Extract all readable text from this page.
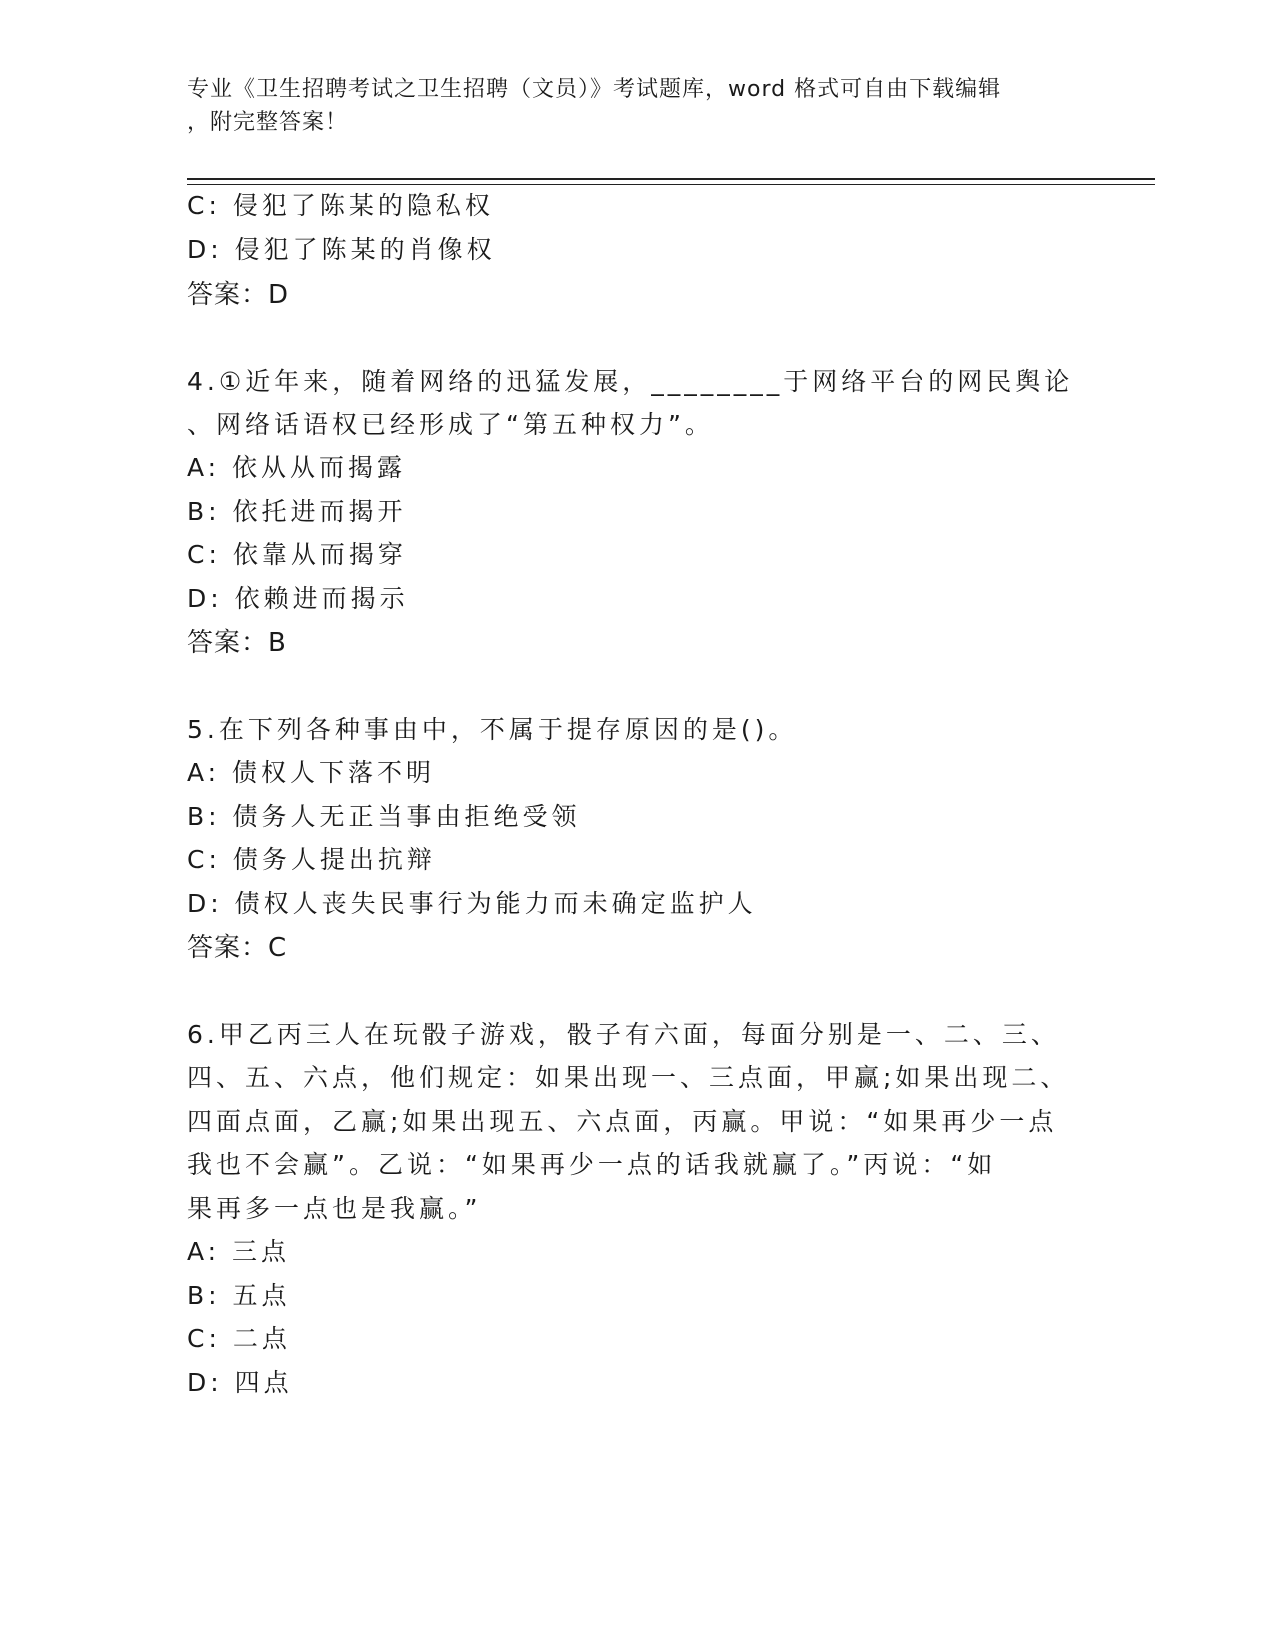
专业《卫生招聘考试之卫生招聘（文员）》考试题库，word 格式可自由下载编辑
，附完整答案！
C: 侵犯了陈某的隐私权
D: 侵犯了陈某的肖像权
答案：D
4.①近年来，随着网络的迅猛发展，________于网络平台的网民舆论
、网络话语权已经形成了“第五种权力”。
A: 依从从而揭露
B: 依托进而揭开
C: 依靠从而揭穿
D: 依赖进而揭示
答案：B
5.在下列各种事由中，不属于提存原因的是()。
A: 债权人下落不明
B: 债务人无正当事由拒绝受领
C: 债务人提出抗辩
D: 债权人丧失民事行为能力而未确定监护人
答案：C
6.甲乙丙三人在玩骰子游戏，骰子有六面，每面分别是一、二、三、
四、五、六点，他们规定：如果出现一、三点面，甲赢;如果出现二、
四面点面，乙赢;如果出现五、六点面，丙赢。甲说：“如果再少一点
我也不会赢”。乙说：“如果再少一点的话我就赢了。”丙说：“如
果再多一点也是我赢。”
A: 三点
B: 五点
C: 二点
D: 四点
